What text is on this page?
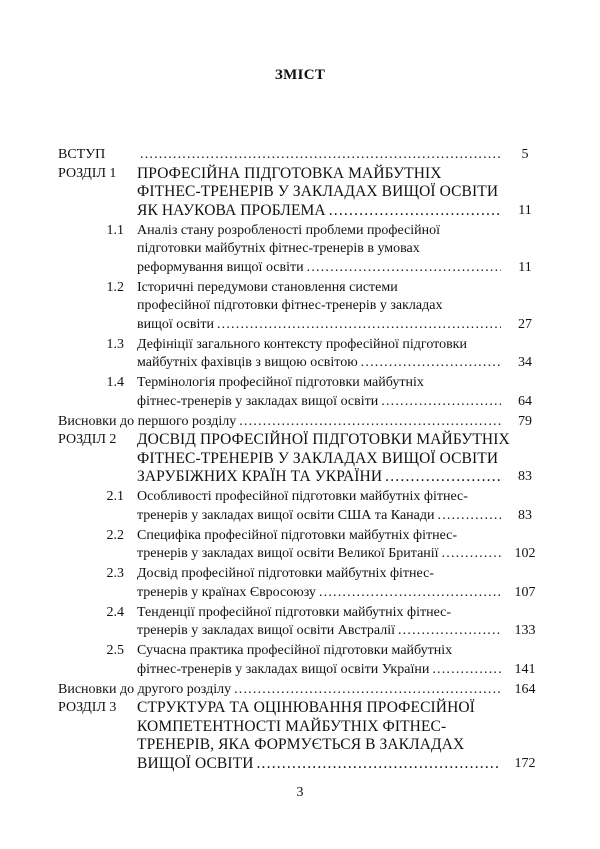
ЗМІСТ
ВСТУП .....	5
РОЗДІЛ 1 ПРОФЕСІЙНА ПІДГОТОВКА МАЙБУТНІХ
ФІТНЕС-ТРЕНЕРІВ У ЗАКЛАДАХ ВИЩОЇ ОСВІТИ
ЯК НАУКОВА ПРОБЛЕМА .....	11
1.1 Аналіз стану розробленості проблеми професійної
підготовки майбутніх фітнес-тренерів в умовах
реформування вищої освіти .....	11
1.2 Історичні передумови становлення системи
професійної підготовки фітнес-тренерів у закладах
вищої освіти .....	27
1.3 Дефініції загального контексту професійної підготовки
майбутніх фахівців з вищою освітою .....	34
1.4 Термінологія професійної підготовки майбутніх
фітнес-тренерів у закладах вищої освіти .....	64
Висновки до першого розділу .....	79
РОЗДІЛ 2 ДОСВІД ПРОФЕСІЙНОЇ ПІДГОТОВКИ МАЙБУТНІХ
ФІТНЕС-ТРЕНЕРІВ У ЗАКЛАДАХ ВИЩОЇ ОСВІТИ
ЗАРУБІЖНИХ КРАЇН ТА УКРАЇНИ .....	83
2.1 Особливості професійної підготовки майбутніх фітнес-
тренерів у закладах вищої освіти США та Канади .....	83
2.2 Специфіка професійної підготовки майбутніх фітнес-
тренерів у закладах вищої освіти Великої Британії .....	102
2.3 Досвід професійної підготовки майбутніх фітнес-
тренерів у країнах Євросоюзу .....	107
2.4 Тенденції професійної підготовки майбутніх фітнес-
тренерів у закладах вищої освіти Австралії .....	133
2.5 Сучасна практика професійної підготовки майбутніх
фітнес-тренерів у закладах вищої освіти України .....	141
Висновки до другого розділу .....	164
РОЗДІЛ 3 СТРУКТУРА ТА ОЦІНЮВАННЯ ПРОФЕСІЙНОЇ
КОМПЕТЕНТНОСТІ МАЙБУТНІХ ФІТНЕС-
ТРЕНЕРІВ, ЯКА ФОРМУЄТЬСЯ В ЗАКЛАДАХ
ВИЩОЇ ОСВІТИ .....	172
3
